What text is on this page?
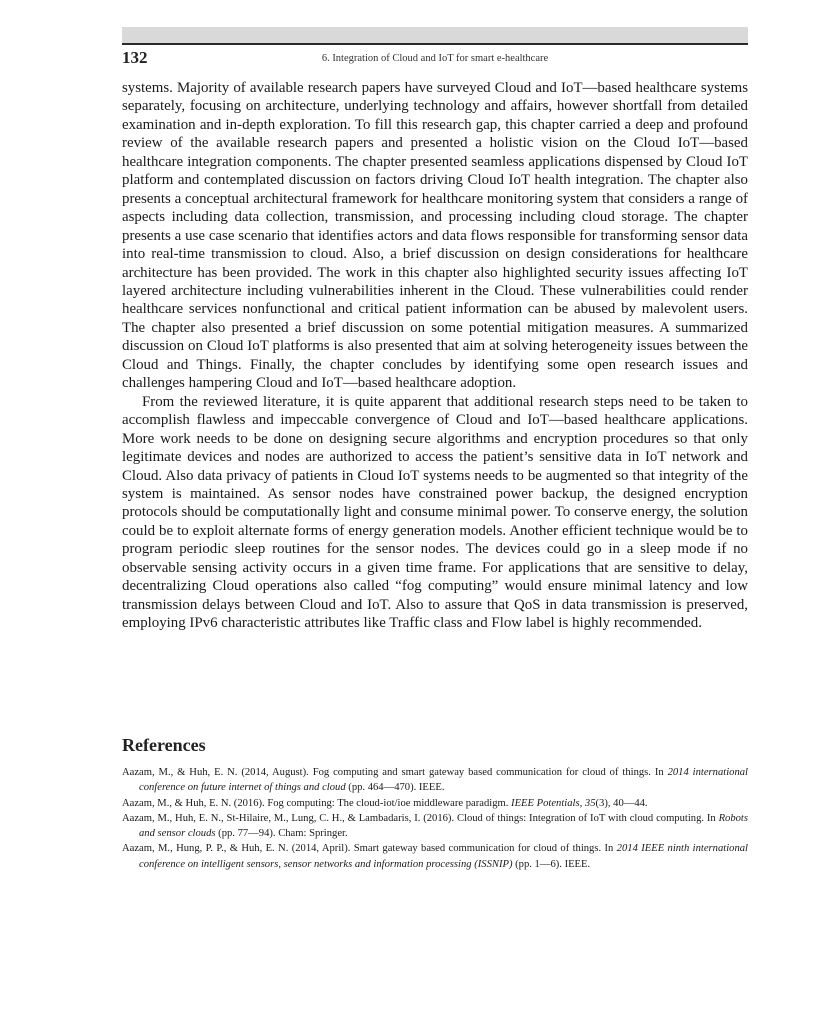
132	6. Integration of Cloud and IoT for smart e-healthcare

systems. Majority of available research papers have surveyed Cloud and IoT—based healthcare systems separately, focusing on architecture, underlying technology and affairs, however shortfall from detailed examination and in-depth exploration. To fill this research gap, this chapter carried a deep and profound review of the available research papers and presented a holistic vision on the Cloud IoT—based healthcare integration components. The chapter presented seamless applications dispensed by Cloud IoT platform and contemplated discussion on factors driving Cloud IoT health integration. The chapter also presents a conceptual architectural framework for healthcare monitoring system that considers a range of aspects including data collection, transmission, and processing including cloud storage. The chapter presents a use case scenario that identifies actors and data flows responsible for transforming sensor data into real-time transmission to cloud. Also, a brief discussion on design considerations for healthcare architecture has been provided. The work in this chapter also highlighted security issues affecting IoT layered architecture including vulnerabilities inherent in the Cloud. These vulnerabilities could render healthcare services nonfunctional and critical patient information can be abused by malevolent users. The chapter also presented a brief discussion on some potential mitigation measures. A summarized discussion on Cloud IoT platforms is also presented that aim at solving heterogeneity issues between the Cloud and Things. Finally, the chapter concludes by identifying some open research issues and challenges hampering Cloud and IoT—based healthcare adoption.

From the reviewed literature, it is quite apparent that additional research steps need to be taken to accomplish flawless and impeccable convergence of Cloud and IoT—based healthcare applications. More work needs to be done on designing secure algorithms and encryption procedures so that only legitimate devices and nodes are authorized to access the patient’s sensitive data in IoT network and Cloud. Also data privacy of patients in Cloud IoT systems needs to be augmented so that integrity of the system is maintained. As sensor nodes have constrained power backup, the designed encryption protocols should be computationally light and consume minimal power. To conserve energy, the solution could be to exploit alternate forms of energy generation models. Another efficient technique would be to program periodic sleep routines for the sensor nodes. The devices could go in a sleep mode if no observable sensing activity occurs in a given time frame. For applications that are sensitive to delay, decentralizing Cloud operations also called “fog computing” would ensure minimal latency and low transmission delays between Cloud and IoT. Also to assure that QoS in data transmission is preserved, employing IPv6 characteristic attributes like Traffic class and Flow label is highly recommended.

References

Aazam, M., & Huh, E. N. (2014, August). Fog computing and smart gateway based communication for cloud of things. In 2014 international conference on future internet of things and cloud (pp. 464—470). IEEE.

Aazam, M., & Huh, E. N. (2016). Fog computing: The cloud-iot/ioe middleware paradigm. IEEE Potentials, 35(3), 40—44.

Aazam, M., Huh, E. N., St-Hilaire, M., Lung, C. H., & Lambadaris, I. (2016). Cloud of things: Integration of IoT with cloud computing. In Robots and sensor clouds (pp. 77—94). Cham: Springer.

Aazam, M., Hung, P. P., & Huh, E. N. (2014, April). Smart gateway based communication for cloud of things. In 2014 IEEE ninth international conference on intelligent sensors, sensor networks and information processing (ISSNIP) (pp. 1—6). IEEE.
